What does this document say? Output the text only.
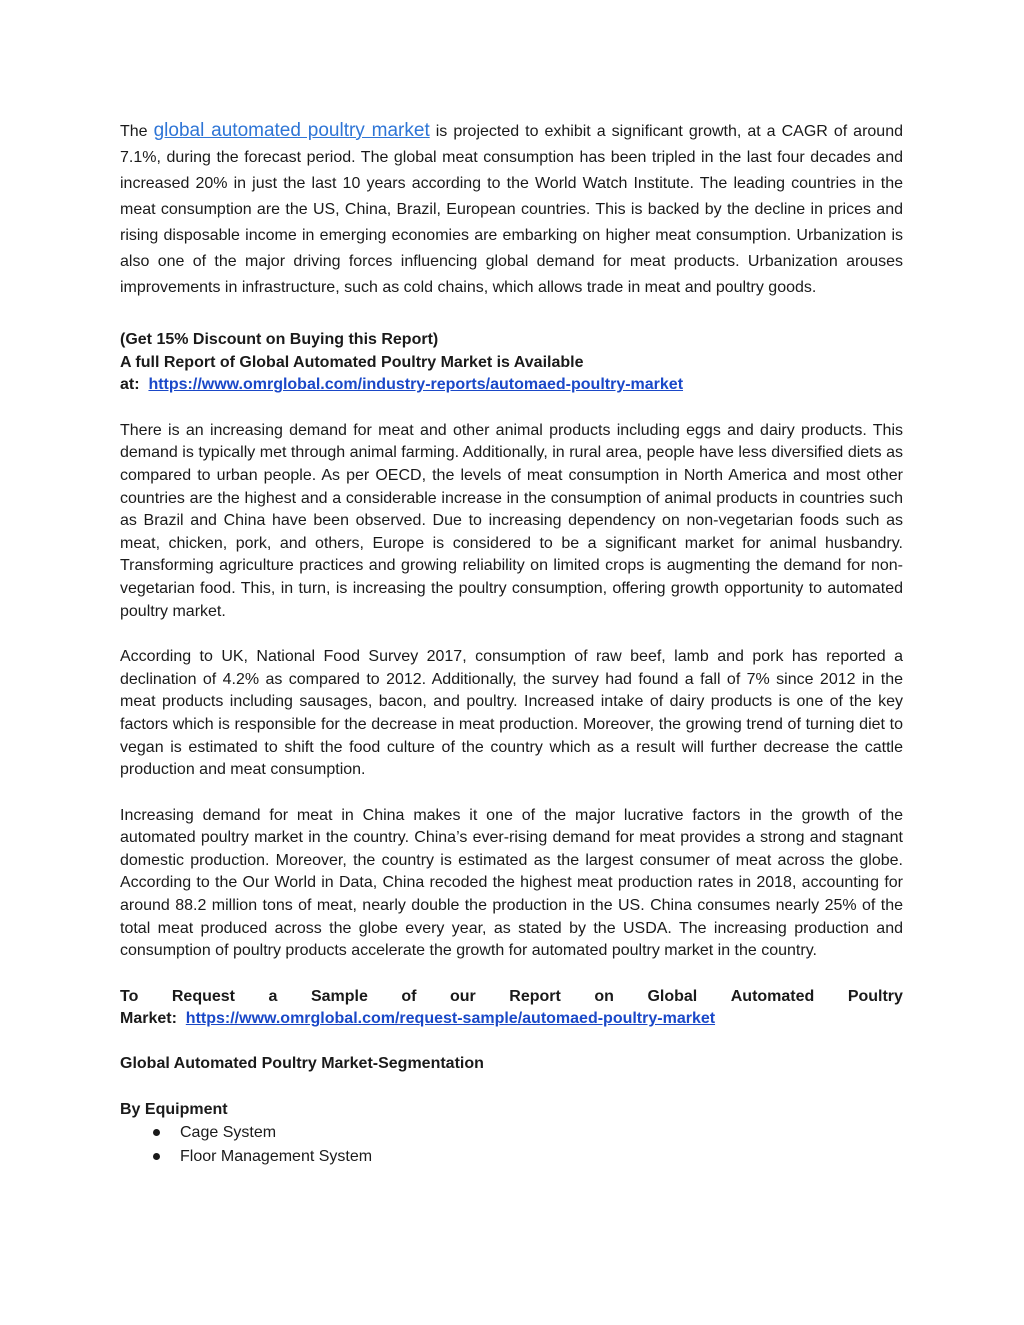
The global automated poultry market is projected to exhibit a significant growth, at a CAGR of around 7.1%, during the forecast period. The global meat consumption has been tripled in the last four decades and increased 20% in just the last 10 years according to the World Watch Institute. The leading countries in the meat consumption are the US, China, Brazil, European countries. This is backed by the decline in prices and rising disposable income in emerging economies are embarking on higher meat consumption. Urbanization is also one of the major driving forces influencing global demand for meat products. Urbanization arouses improvements in infrastructure, such as cold chains, which allows trade in meat and poultry goods.

(Get 15% Discount on Buying this Report)
A full Report of Global Automated Poultry Market is Available
at: https://www.omrglobal.com/industry-reports/automaed-poultry-market

There is an increasing demand for meat and other animal products including eggs and dairy products. This demand is typically met through animal farming. Additionally, in rural area, people have less diversified diets as compared to urban people. As per OECD, the levels of meat consumption in North America and most other countries are the highest and a considerable increase in the consumption of animal products in countries such as Brazil and China have been observed. Due to increasing dependency on non-vegetarian foods such as meat, chicken, pork, and others, Europe is considered to be a significant market for animal husbandry. Transforming agriculture practices and growing reliability on limited crops is augmenting the demand for non-vegetarian food. This, in turn, is increasing the poultry consumption, offering growth opportunity to automated poultry market.

According to UK, National Food Survey 2017, consumption of raw beef, lamb and pork has reported a declination of 4.2% as compared to 2012. Additionally, the survey had found a fall of 7% since 2012 in the meat products including sausages, bacon, and poultry. Increased intake of dairy products is one of the key factors which is responsible for the decrease in meat production. Moreover, the growing trend of turning diet to vegan is estimated to shift the food culture of the country which as a result will further decrease the cattle production and meat consumption.

Increasing demand for meat in China makes it one of the major lucrative factors in the growth of the automated poultry market in the country. China’s ever-rising demand for meat provides a strong and stagnant domestic production. Moreover, the country is estimated as the largest consumer of meat across the globe. According to the Our World in Data, China recoded the highest meat production rates in 2018, accounting for around 88.2 million tons of meat, nearly double the production in the US. China consumes nearly 25% of the total meat produced across the globe every year, as stated by the USDA. The increasing production and consumption of poultry products accelerate the growth for automated poultry market in the country.

To Request a Sample of our Report on Global Automated Poultry
Market: https://www.omrglobal.com/request-sample/automaed-poultry-market
Global Automated Poultry Market-Segmentation
By Equipment
Cage System
Floor Management System
